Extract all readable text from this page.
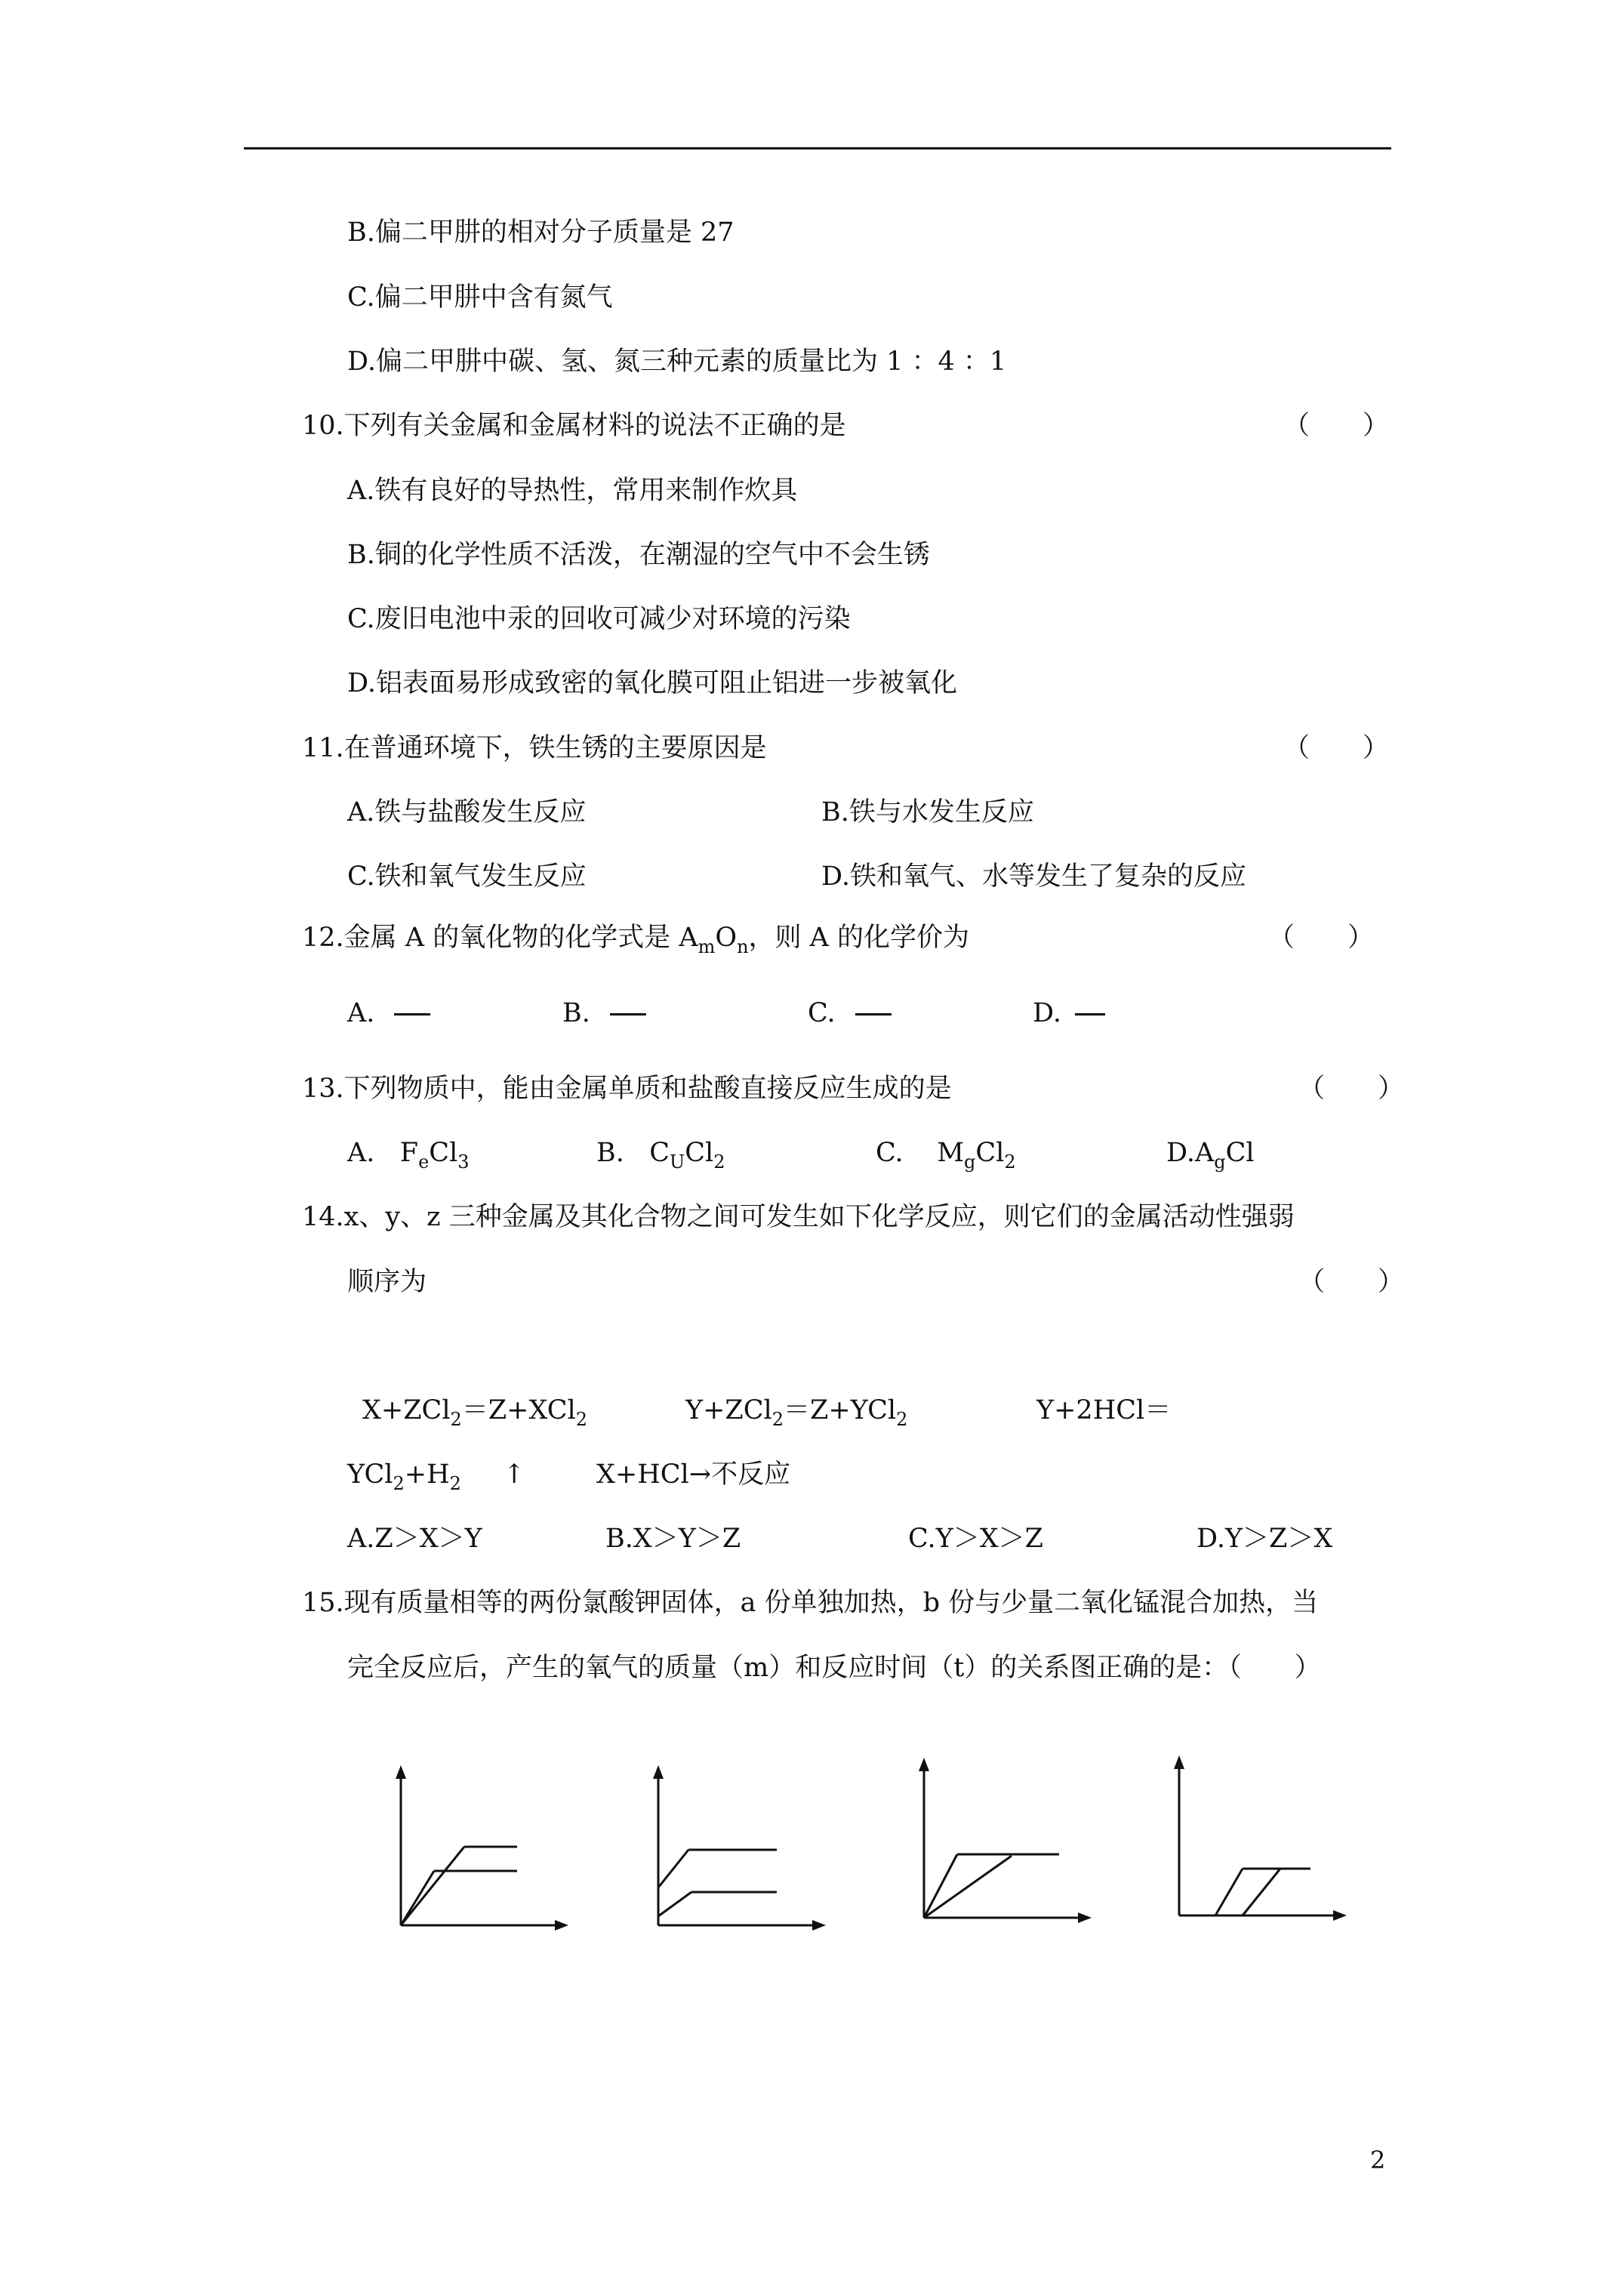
B.偏二甲肼的相对分子质量是 27
C.偏二甲肼中含有氮气
D.偏二甲肼中碳、氢、氮三种元素的质量比为 1 ：4 ：1
10.下列有关金属和金属材料的说法不正确的是	（　　）
A.铁有良好的导热性，常用来制作炊具
B.铜的化学性质不活泼，在潮湿的空气中不会生锈
C.废旧电池中汞的回收可减少对环境的污染
D.铝表面易形成致密的氧化膜可阻止铝进一步被氧化
11.在普通环境下，铁生锈的主要原因是	（　　）
A.铁与盐酸发生反应	B.铁与水发生反应
C.铁和氧气发生反应	D.铁和氧气、水等发生了复杂的反应
12.金属 A 的氧化物的化学式是 $A_mO_n$，则 A 的化学价为	（　　）
A.	B.	C.	D.
13.下列物质中，能由金属单质和盐酸直接反应生成的是	（　　）
A. $F_eCl_3$	B. $C_UCl_2$	C. $M_gCl_2$	$D.A_gCl$
14.x、y、z 三种金属及其化合物之间可发生如下化学反应，则它们的金属活动性强弱
顺序为	（　　）
X+ZCl$_2$＝Z+XCl$_2$	Y+ZCl$_2$＝Z+YCl$_2$	Y+2HCl＝
$YCl_2+H_2$ ↑	X+HCl→不反应
A.Z＞X＞Y	B.X＞Y＞Z	C.Y＞X＞Z	D.Y＞Z＞X
15.现有质量相等的两份氯酸钾固体，a 份单独加热，b 份与少量二氧化锰混合加热，当
完全反应后，产生的氧气的质量（m）和反应时间（t）的关系图正确的是：（　　）
2
